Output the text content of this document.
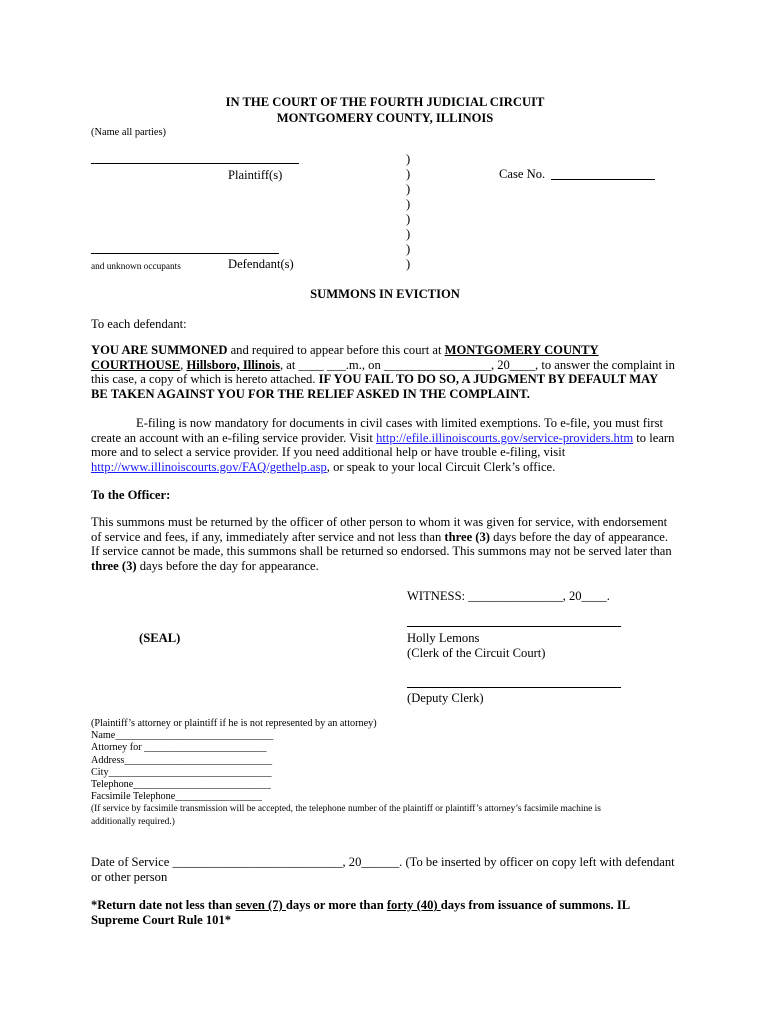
IN THE COURT OF THE FOURTH JUDICIAL CIRCUIT
MONTGOMERY COUNTY, ILLINOIS
(Name all parties)
Plaintiff(s)
)
)
)
)
)
)
)
)
Case No.
and unknown occupants	Defendant(s)
SUMMONS IN EVICTION
To each defendant:
YOU ARE SUMMONED and required to appear before this court at MONTGOMERY COUNTY
COURTHOUSE, Hillsboro, Illinois, at ____ ___.m., on _________________, 20____, to answer the complaint in
this case, a copy of which is hereto attached. IF YOU FAIL TO DO SO, A JUDGMENT BY DEFAULT MAY
BE TAKEN AGAINST YOU FOR THE RELIEF ASKED IN THE COMPLAINT.
E-filing is now mandatory for documents in civil cases with limited exemptions. To e-file, you must first
create an account with an e-filing service provider. Visit http://efile.illinoiscourts.gov/service-providers.htm to learn
more and to select a service provider. If you need additional help or have trouble e-filing, visit
http://www.illinoiscourts.gov/FAQ/gethelp.asp, or speak to your local Circuit Clerk’s office.
To the Officer:
This summons must be returned by the officer of other person to whom it was given for service, with endorsement
of service and fees, if any, immediately after service and not less than three (3) days before the day of appearance.
If service cannot be made, this summons shall be returned so endorsed. This summons may not be served later than
three (3) days before the day for appearance.
WITNESS: _______________, 20____.
(SEAL)	Holly Lemons
(Clerk of the Circuit Court)
(Deputy Clerk)
(Plaintiff’s attorney or plaintiff if he is not represented by an attorney)
Name_______________________________
Attorney for ________________________
Address_____________________________
City________________________________
Telephone___________________________
Facsimile Telephone_________________
(If service by facsimile transmission will be accepted, the telephone number of the plaintiff or plaintiff’s attorney’s facsimile machine is
additionally required.)
Date of Service ___________________________, 20______. (To be inserted by officer on copy left with defendant
or other person
*Return date not less than seven (7) days or more than forty (40) days from issuance of summons. IL
Supreme Court Rule 101*
